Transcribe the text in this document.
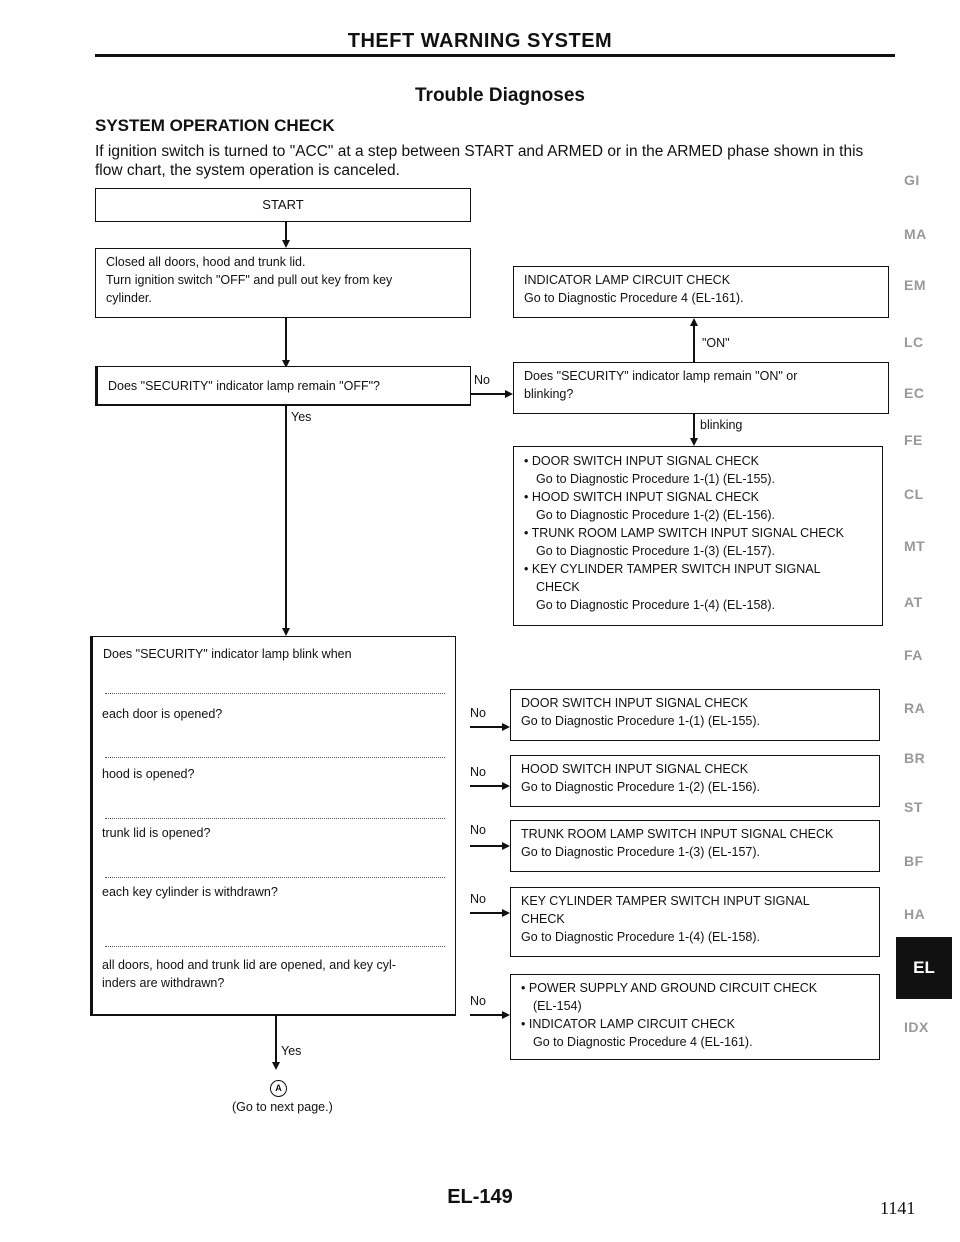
THEFT WARNING SYSTEM
Trouble Diagnoses
SYSTEM OPERATION CHECK
If ignition switch is turned to "ACC" at a step between START and ARMED or in the ARMED phase shown in this flow chart, the system operation is canceled.
START
Closed all doors, hood and trunk lid.
Turn ignition switch "OFF" and pull out key from key
cylinder.
Does "SECURITY" indicator lamp remain "OFF"?
Yes
No
INDICATOR LAMP CIRCUIT CHECK
Go to Diagnostic Procedure 4 (EL-161).
"ON"
Does "SECURITY" indicator lamp remain "ON" or
blinking?
blinking
• DOOR SWITCH INPUT SIGNAL CHECK
Go to Diagnostic Procedure 1-(1) (EL-155).
• HOOD SWITCH INPUT SIGNAL CHECK
Go to Diagnostic Procedure 1-(2) (EL-156).
• TRUNK ROOM LAMP SWITCH INPUT SIGNAL CHECK
Go to Diagnostic Procedure 1-(3) (EL-157).
• KEY CYLINDER TAMPER SWITCH INPUT SIGNAL
CHECK
Go to Diagnostic Procedure 1-(4) (EL-158).
Does "SECURITY" indicator lamp blink when
each door is opened?
hood is opened?
trunk lid is opened?
each key cylinder is withdrawn?
all doors, hood and trunk lid are opened, and key cyl-
inders are withdrawn?
No
No
No
No
No
DOOR SWITCH INPUT SIGNAL CHECK
Go to Diagnostic Procedure 1-(1) (EL-155).
HOOD SWITCH INPUT SIGNAL CHECK
Go to Diagnostic Procedure 1-(2) (EL-156).
TRUNK ROOM LAMP SWITCH INPUT SIGNAL CHECK
Go to Diagnostic Procedure 1-(3) (EL-157).
KEY CYLINDER TAMPER SWITCH INPUT SIGNAL
CHECK
Go to Diagnostic Procedure 1-(4) (EL-158).
• POWER SUPPLY AND GROUND CIRCUIT CHECK
(EL-154)
• INDICATOR LAMP CIRCUIT CHECK
Go to Diagnostic Procedure 4 (EL-161).
Yes
A
(Go to next page.)
GI
MA
EM
LC
EC
FE
CL
MT
AT
FA
RA
BR
ST
BF
HA
EL
IDX
EL-149	1141
